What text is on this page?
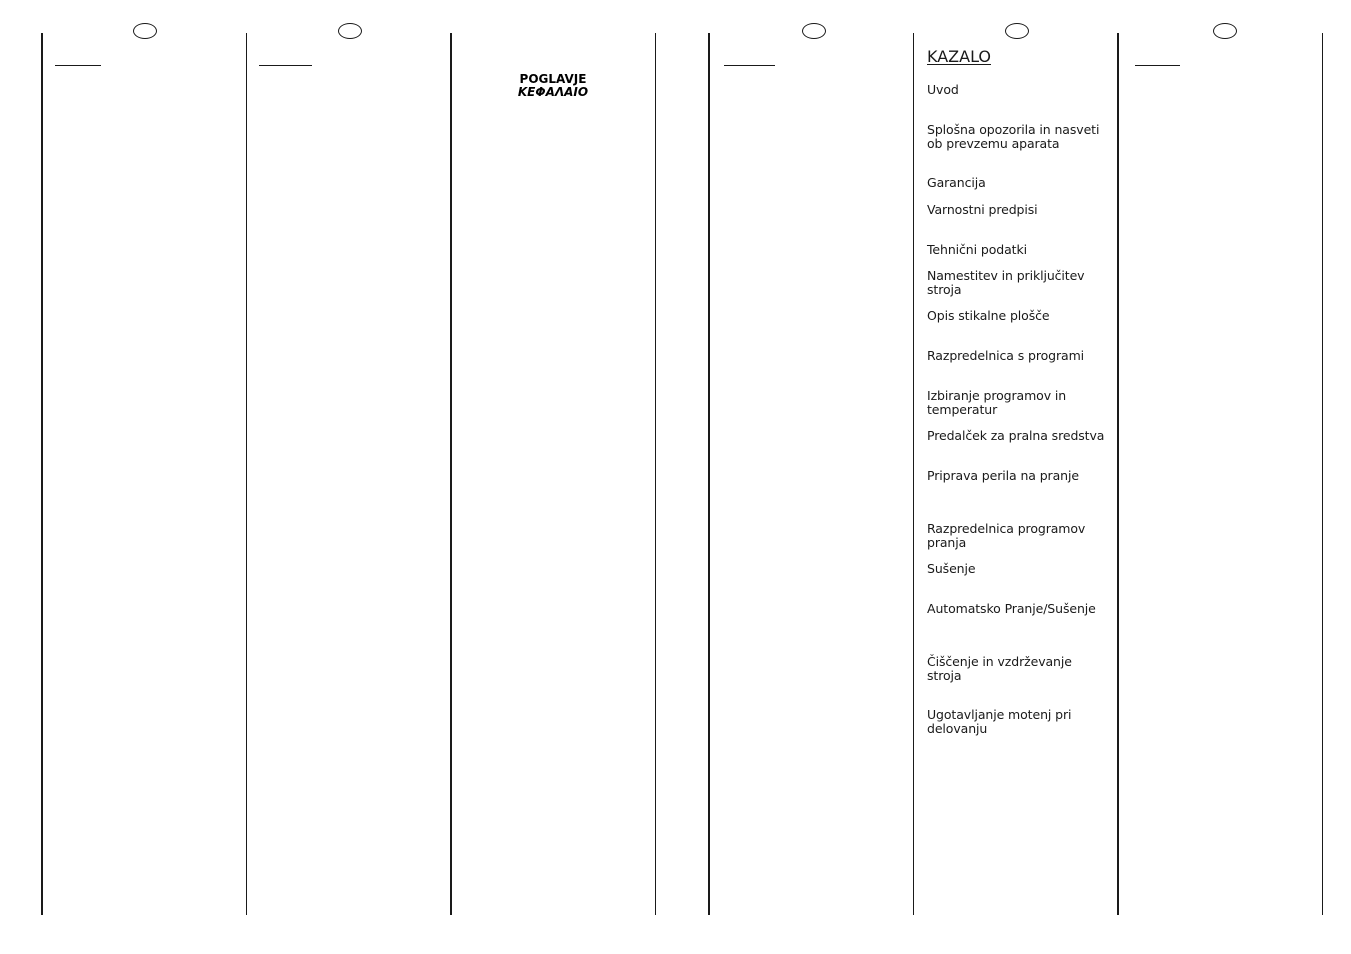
POGLAVJE
ΚΕΦΑΛΑΙΟ
KAZALO
Uvod
Splošna opozorila in nasveti ob prevzemu aparata
Garancija
Varnostni predpisi
Tehnični podatki
Namestitev in priključitev stroja
Opis stikalne plošče
Razpredelnica s programi
Izbiranje programov in temperatur
Predalček za pralna sredstva
Priprava perila na pranje
Razpredelnica programov pranja
Sušenje
Automatsko Pranje/Sušenje
Čiščenje in vzdrževanje stroja
Ugotavljanje motenj pri delovanju
